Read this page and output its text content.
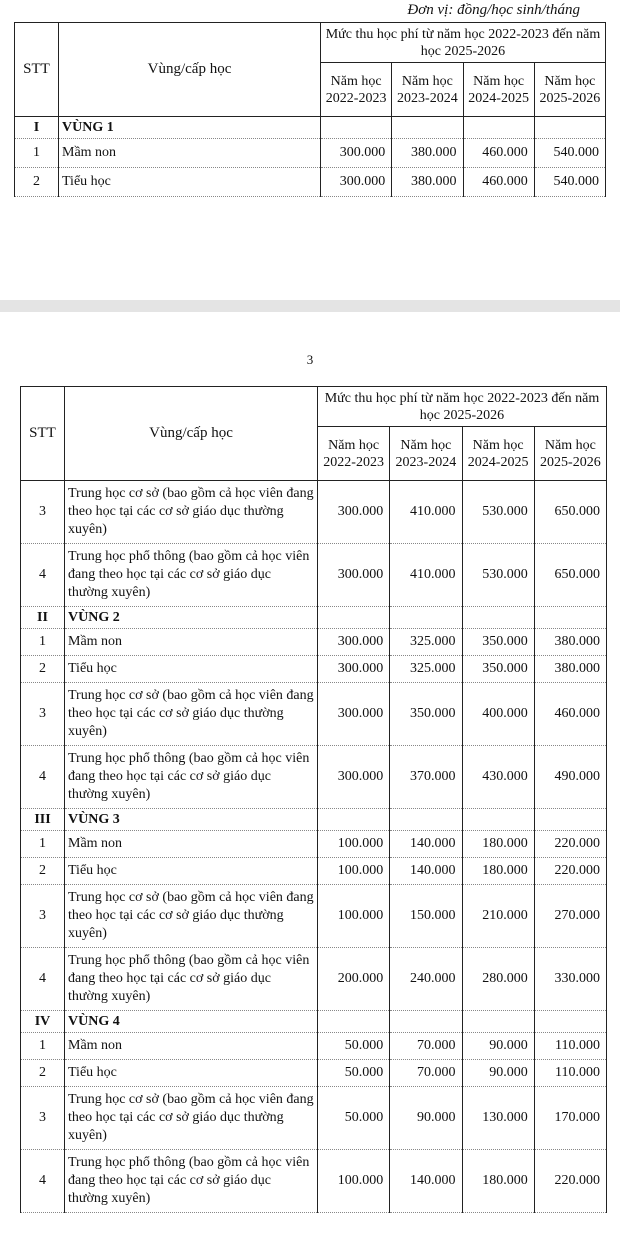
Đơn vị: đồng/học sinh/tháng
STT	Vùng/cấp học	Mức thu học phí từ năm học 2022-2023 đến năm học 2025-2026			
		Năm học 2022-2023	Năm học 2023-2024	Năm học 2024-2025	Năm học 2025-2026
I	VÙNG 1				
1	Mầm non	300.000	380.000	460.000	540.000
2	Tiểu học	300.000	380.000	460.000	540.000
3
STT	Vùng/cấp học	Mức thu học phí từ năm học 2022-2023 đến năm học 2025-2026			
		Năm học 2022-2023	Năm học 2023-2024	Năm học 2024-2025	Năm học 2025-2026
3	Trung học cơ sở (bao gồm cả học viên đang theo học tại các cơ sở giáo dục thường xuyên)	300.000	410.000	530.000	650.000
4	Trung học phổ thông (bao gồm cả học viên đang theo học tại các cơ sở giáo dục thường xuyên)	300.000	410.000	530.000	650.000
II	VÙNG 2				
1	Mầm non	300.000	325.000	350.000	380.000
2	Tiểu học	300.000	325.000	350.000	380.000
3	Trung học cơ sở (bao gồm cả học viên đang theo học tại các cơ sở giáo dục thường xuyên)	300.000	350.000	400.000	460.000
4	Trung học phổ thông (bao gồm cả học viên đang theo học tại các cơ sở giáo dục thường xuyên)	300.000	370.000	430.000	490.000
III	VÙNG 3				
1	Mầm non	100.000	140.000	180.000	220.000
2	Tiểu học	100.000	140.000	180.000	220.000
3	Trung học cơ sở (bao gồm cả học viên đang theo học tại các cơ sở giáo dục thường xuyên)	100.000	150.000	210.000	270.000
4	Trung học phổ thông (bao gồm cả học viên đang theo học tại các cơ sở giáo dục thường xuyên)	200.000	240.000	280.000	330.000
IV	VÙNG 4				
1	Mầm non	50.000	70.000	90.000	110.000
2	Tiểu học	50.000	70.000	90.000	110.000
3	Trung học cơ sở (bao gồm cả học viên đang theo học tại các cơ sở giáo dục thường xuyên)	50.000	90.000	130.000	170.000
4	Trung học phổ thông (bao gồm cả học viên đang theo học tại các cơ sở giáo dục thường xuyên)	100.000	140.000	180.000	220.000
